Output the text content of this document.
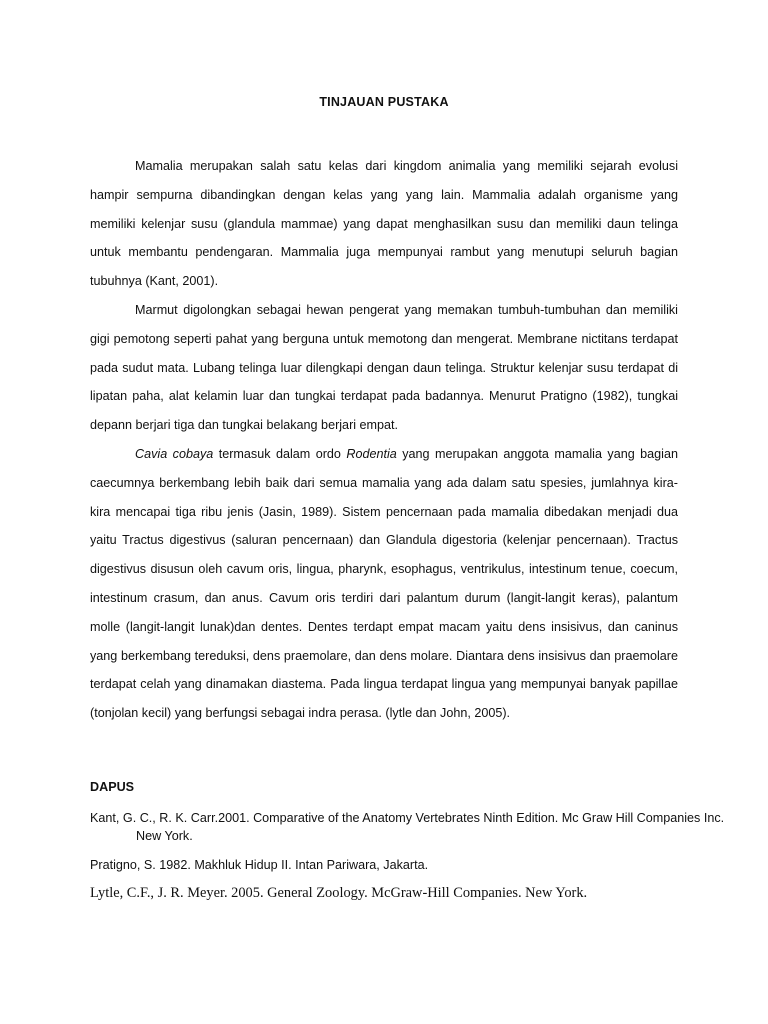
TINJAUAN PUSTAKA

Mamalia merupakan salah satu kelas dari kingdom animalia yang memiliki sejarah evolusi hampir sempurna dibandingkan dengan kelas yang yang lain. Mammalia adalah organisme yang memiliki kelenjar susu (glandula mammae) yang dapat menghasilkan susu dan memiliki daun telinga untuk membantu pendengaran. Mammalia juga mempunyai rambut yang menutupi seluruh bagian tubuhnya (Kant, 2001).

Marmut digolongkan sebagai hewan pengerat yang memakan tumbuh-tumbuhan dan memiliki gigi pemotong seperti pahat yang berguna untuk memotong dan mengerat. Membrane nictitans terdapat pada sudut mata. Lubang telinga luar dilengkapi dengan daun telinga. Struktur kelenjar susu terdapat di lipatan paha, alat kelamin luar dan tungkai terdapat pada badannya. Menurut Pratigno (1982), tungkai depann berjari tiga dan tungkai belakang berjari empat.

Cavia cobaya termasuk dalam ordo Rodentia yang merupakan anggota mamalia yang bagian caecumnya berkembang lebih baik dari semua mamalia yang ada dalam satu spesies, jumlahnya kira-kira mencapai tiga ribu jenis (Jasin, 1989). Sistem pencernaan pada mamalia dibedakan menjadi dua yaitu Tractus digestivus (saluran pencernaan) dan Glandula digestoria (kelenjar pencernaan). Tractus digestivus disusun oleh cavum oris, lingua, pharynk, esophagus, ventrikulus, intestinum tenue, coecum, intestinum crasum, dan anus. Cavum oris terdiri dari palantum durum (langit-langit keras), palantum molle (langit-langit lunak)dan dentes. Dentes terdapt empat macam yaitu dens insisivus, dan caninus yang berkembang tereduksi, dens praemolare, dan dens molare. Diantara dens insisivus dan praemolare terdapat celah yang dinamakan diastema. Pada lingua terdapat lingua yang mempunyai banyak papillae (tonjolan kecil) yang berfungsi sebagai indra perasa. (lytle dan John, 2005).

DAPUS
Kant, G. C., R. K. Carr.2001. Comparative of the Anatomy Vertebrates Ninth Edition. Mc Graw Hill Companies Inc. New York.
Pratigno, S. 1982. Makhluk Hidup II. Intan Pariwara, Jakarta.
Lytle, C.F., J. R. Meyer. 2005. General Zoology. McGraw-Hill Companies. New York.
